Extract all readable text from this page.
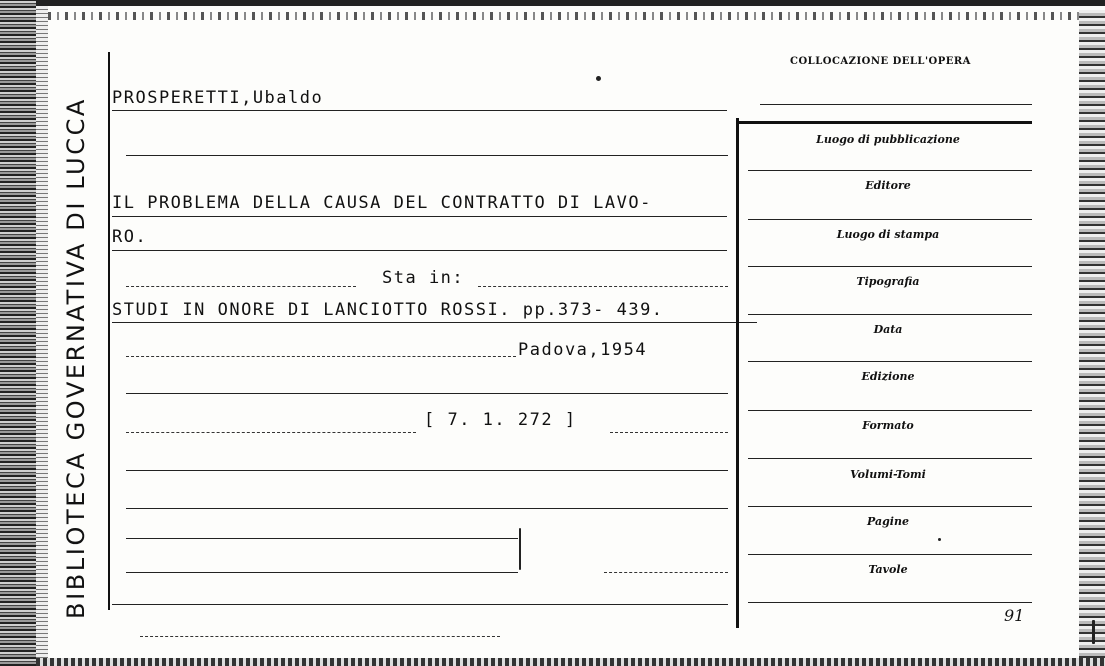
BIBLIOTECA GOVERNATIVA DI LUCCA
COLLOCAZIONE DELL'OPERA
PROSPERETTI,Ubaldo
IL PROBLEMA DELLA CAUSA DEL CONTRATTO DI LAVO-
RO.
Sta in:
STUDI IN ONORE DI LANCIOTTO ROSSI. pp.373- 439.
Padova,1954
[ 7. 1. 272 ]
Luogo di pubblicazione
Editore
Luogo di stampa
Tipografia
Data
Edizione
Formato
Volumi-Tomi
Pagine
Tavole
91
